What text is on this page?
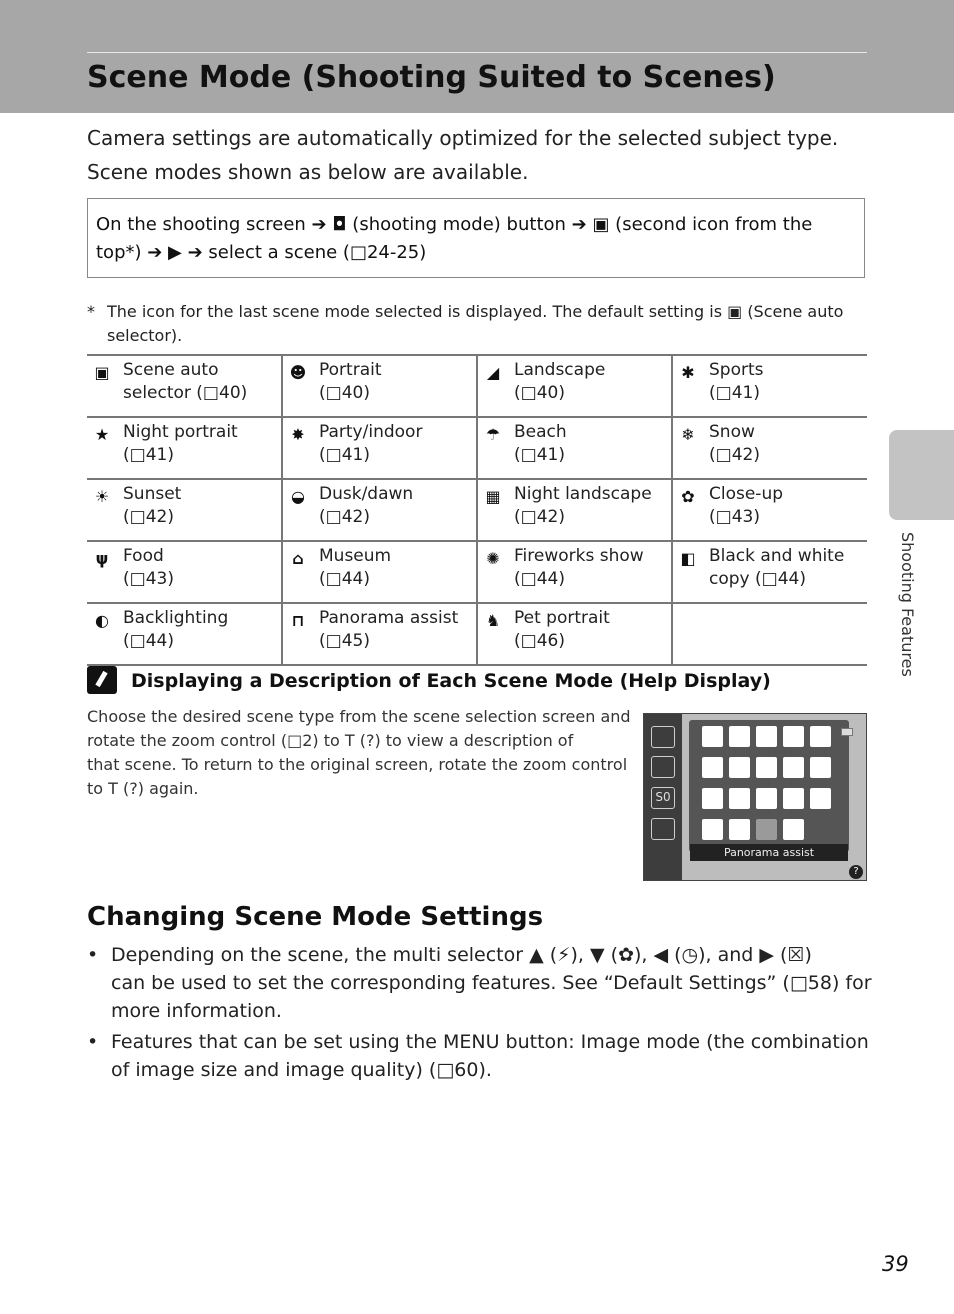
Scene Mode (Shooting Suited to Scenes)
Camera settings are automatically optimized for the selected subject type.
Scene modes shown as below are available.
On the shooting screen ➔ ◘ (shooting mode) button ➔ ▣ (second icon from the
top*) ➔ ▶ ➔ select a scene (□24-25)
* The icon for the last scene mode selected is displayed. The default setting is ▣ (Scene auto
selector).
▣ Scene auto
selector (□40)	☻ Portrait
(□40)	◢ Landscape
(□40)	✱ Sports
(□41)

★ Night portrait
(□41)	✸ Party/indoor
(□41)	☂ Beach
(□41)	❄ Snow
(□42)

☀ Sunset
(□42)	◒ Dusk/dawn
(□42)	▦ Night landscape
(□42)	✿ Close-up
(□43)

ψ Food
(□43)	⌂ Museum
(□44)	✺ Fireworks show
(□44)	◧ Black and white
copy (□44)

◐ Backlighting
(□44)	⊓ Panorama assist
(□45)	♞ Pet portrait
(□46)	

Displaying a Description of Each Scene Mode (Help Display)
Choose the desired scene type from the scene selection screen and
rotate the zoom control (□2) to T (?) to view a description of
that scene. To return to the original screen, rotate the zoom control
to T (?) again.	S0
Panorama assist
?
Changing Scene Mode Settings
• Depending on the scene, the multi selector ▲ (⚡), ▼ (✿), ◀ (◷), and ▶ (☒)
can be used to set the corresponding features. See “Default Settings” (□58) for
more information.
• Features that can be set using the MENU button: Image mode (the combination
of image size and image quality) (□60).
Shooting Features
39
